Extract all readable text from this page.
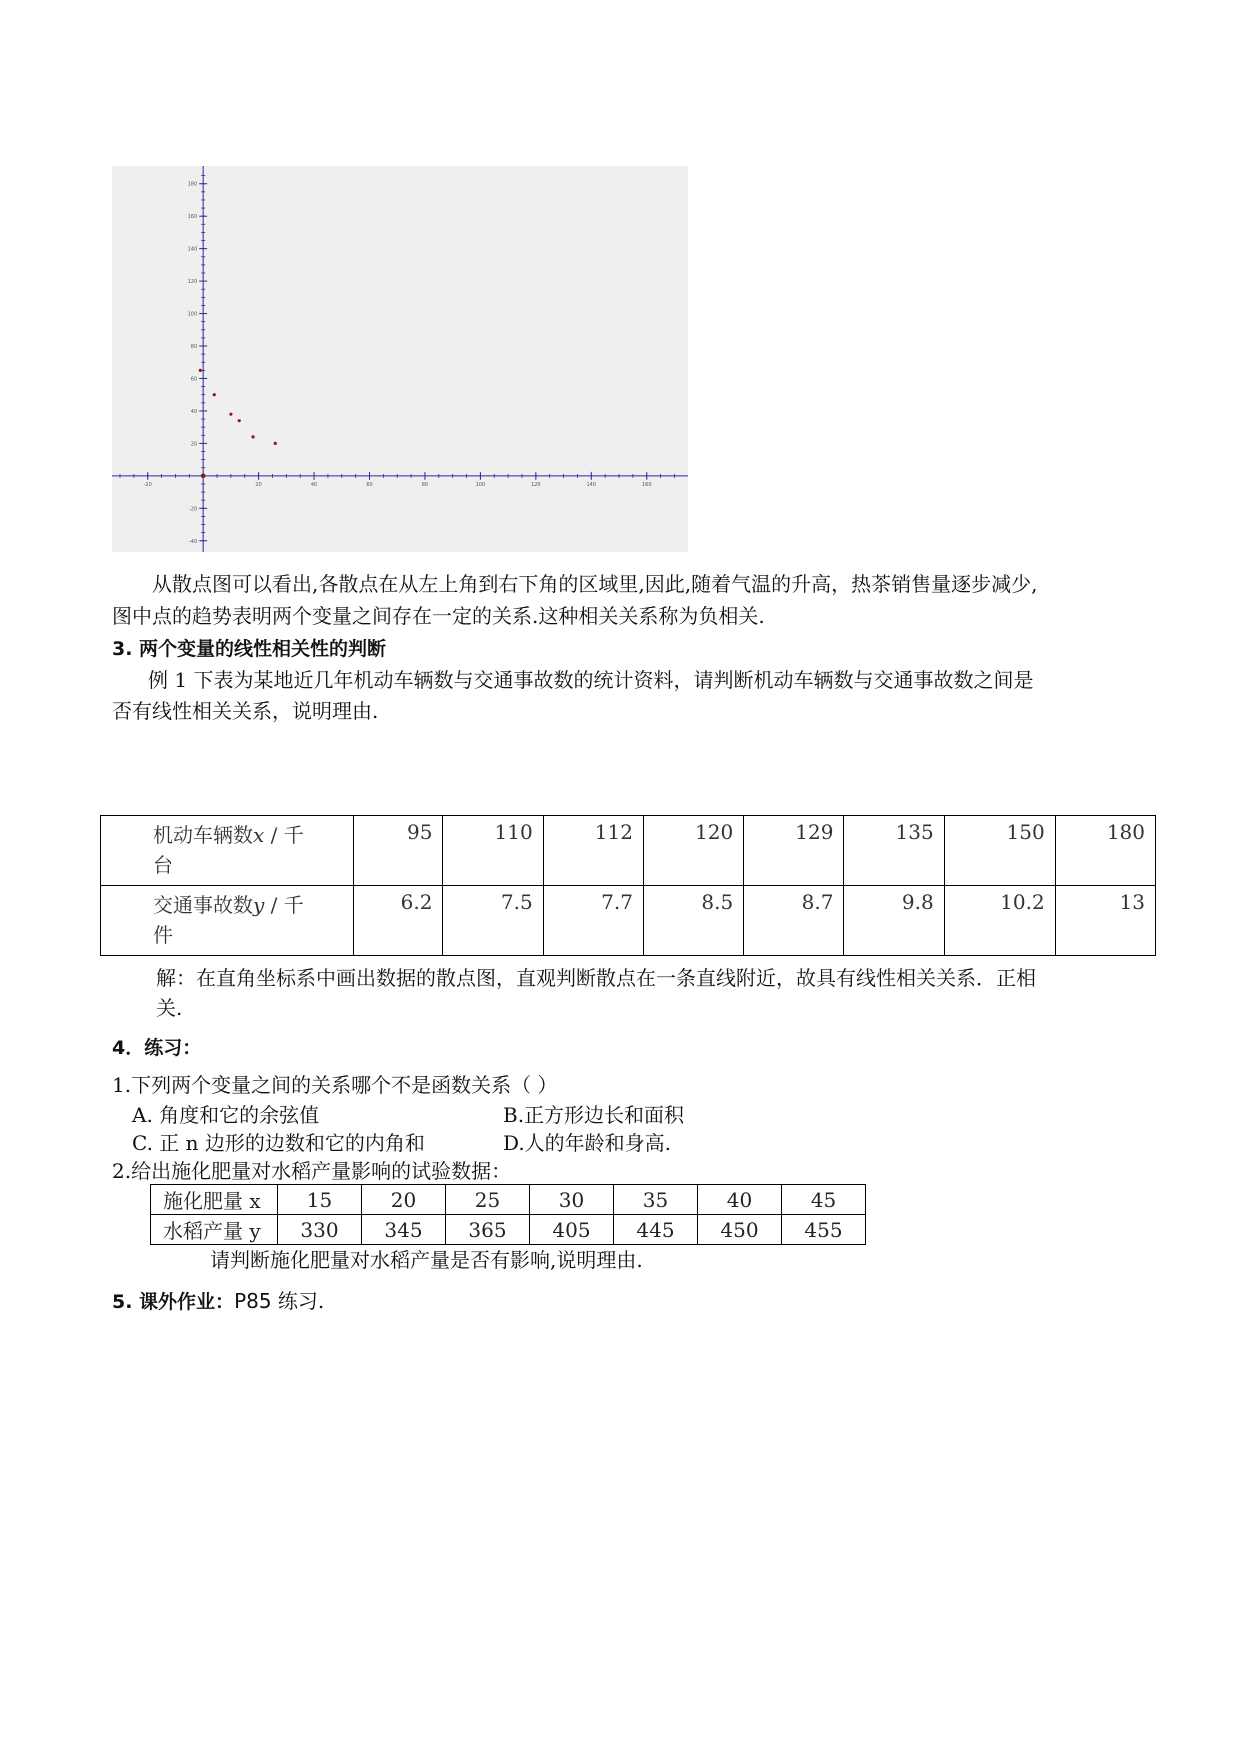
-20	20	40	60	80	100	120	140	160
180
160
140
120
100
80
60
40
20
-20
-40
从散点图可以看出,各散点在从左上角到右下角的区域里,因此,随着气温的升高，热茶销售量逐步减少,
图中点的趋势表明两个变量之间存在一定的关系.这种相关关系称为负相关.
3. 两个变量的线性相关性的判断
例 1 下表为某地近几年机动车辆数与交通事故数的统计资料，请判断机动车辆数与交通事故数之间是
否有线性相关关系，说明理由.
机动车辆数x / 千
台	95	110	112	120	129	135	150	180
交通事故数y / 千
件	6.2	7.5	7.7	8.5	8.7	9.8	10.2	13
解：在直角坐标系中画出数据的散点图，直观判断散点在一条直线附近，故具有线性相关关系．正相
关.
4．练习：
1.下列两个变量之间的关系哪个不是函数关系（ ）
A. 角度和它的余弦值	B.正方形边长和面积
C. 正 n 边形的边数和它的内角和	D.人的年龄和身高.
2.给出施化肥量对水稻产量影响的试验数据：
施化肥量 x	15	20	25	30	35	40	45
水稻产量 y	330	345	365	405	445	450	455
请判断施化肥量对水稻产量是否有影响,说明理由.
5. 课外作业：P85 练习.
